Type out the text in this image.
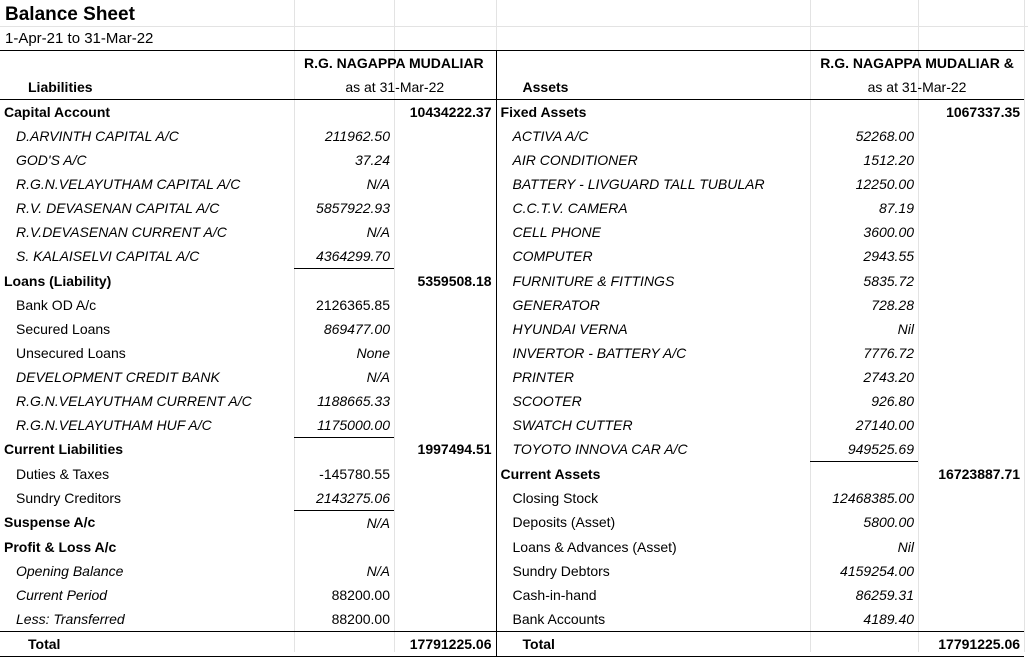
Balance Sheet
1-Apr-21 to 31-Mar-22
	R.G. NAGAPPA MUDALIAR			R.G. NAGAPPA MUDALIAR &	
Liabilities	as at 31-Mar-22		Assets	as at 31-Mar-22	
Capital Account		10434222.37	Fixed Assets		1067337.35
D.ARVINTH CAPITAL A/C	211962.50		ACTIVA A/C	52268.00	
GOD'S A/C	37.24		AIR CONDITIONER	1512.20	
R.G.N.VELAYUTHAM CAPITAL A/C	N/A		BATTERY - LIVGUARD TALL TUBULAR	12250.00	
R.V. DEVASENAN CAPITAL A/C	5857922.93		C.C.T.V. CAMERA	87.19	
R.V.DEVASENAN CURRENT A/C	N/A		CELL PHONE	3600.00	
S. KALAISELVI CAPITAL A/C	4364299.70		COMPUTER	2943.55	
Loans (Liability)		5359508.18	FURNITURE & FITTINGS	5835.72	
Bank OD A/c	2126365.85		GENERATOR	728.28	
Secured Loans	869477.00		HYUNDAI VERNA	Nil	
Unsecured Loans	None		INVERTOR - BATTERY A/C	7776.72	
DEVELOPMENT CREDIT BANK	N/A		PRINTER	2743.20	
R.G.N.VELAYUTHAM CURRENT A/C	1188665.33		SCOOTER	926.80	
R.G.N.VELAYUTHAM HUF A/C	1175000.00		SWATCH CUTTER	27140.00	
Current Liabilities		1997494.51	TOYOTO INNOVA CAR A/C	949525.69	
Duties & Taxes	-145780.55		Current Assets		16723887.71
Sundry Creditors	2143275.06		Closing Stock	12468385.00	
Suspense A/c	N/A		Deposits (Asset)	5800.00	
Profit & Loss A/c			Loans & Advances (Asset)	Nil	
Opening Balance	N/A		Sundry Debtors	4159254.00	
Current Period	88200.00		Cash-in-hand	86259.31	
Less: Transferred	88200.00		Bank Accounts	4189.40	
Total		17791225.06	Total		17791225.06
